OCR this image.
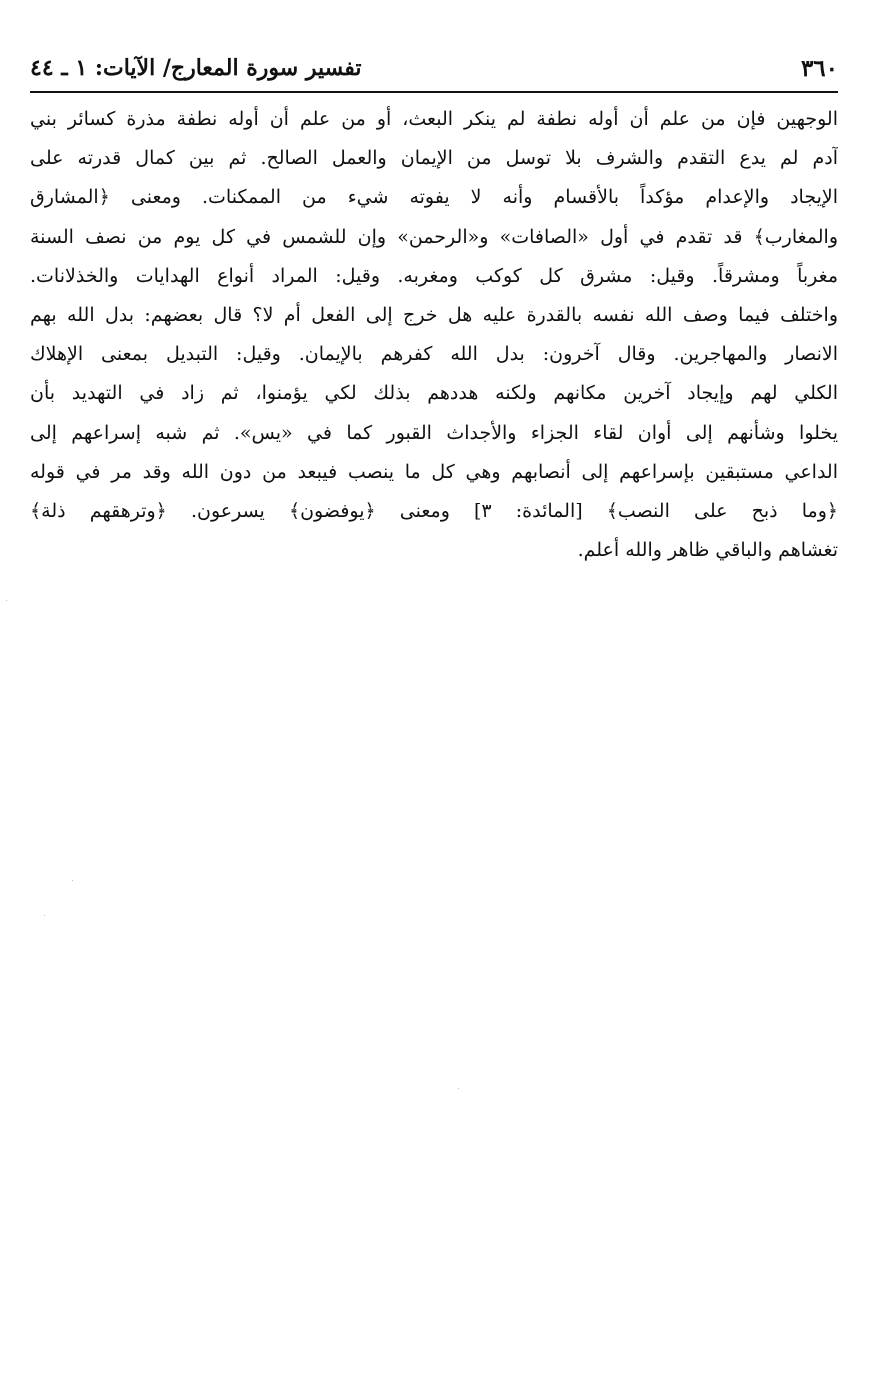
٣٦٠
تفسير سورة المعارج/ الآيات: ١ ـ ٤٤
الوجهين فإن من علم أن أوله نطفة لم ينكر البعث، أو من علم أن أوله نطفة مذرة كسائر بني
آدم لم يدع التقدم والشرف بلا توسل من الإيمان والعمل الصالح. ثم بين كمال قدرته على
الإيجاد والإعدام مؤكداً بالأقسام وأنه لا يفوته شيء من الممكنات. ومعنى ﴿المشارق
والمغارب﴾ قد تقدم في أول «الصافات» و«الرحمن» وإن للشمس في كل يوم من نصف السنة
مغرباً ومشرقاً. وقيل: مشرق كل كوكب ومغربه. وقيل: المراد أنواع الهدايات والخذلانات.
واختلف فيما وصف الله نفسه بالقدرة عليه هل خرج إلى الفعل أم لا؟ قال بعضهم: بدل الله بهم
الانصار والمهاجرين. وقال آخرون: بدل الله كفرهم بالإيمان. وقيل: التبديل بمعنى الإهلاك
الكلي لهم وإيجاد آخرين مكانهم ولكنه هددهم بذلك لكي يؤمنوا، ثم زاد في التهديد بأن
يخلوا وشأنهم إلى أوان لقاء الجزاء والأجداث القبور كما في «يس». ثم شبه إسراعهم إلى
الداعي مستبقين بإسراعهم إلى أنصابهم وهي كل ما ينصب فيبعد من دون الله وقد مر في قوله
﴿وما ذبح على النصب﴾ [المائدة: ٣] ومعنى ﴿يوفضون﴾ يسرعون. ﴿وترهقهم ذلة﴾
تغشاهم والباقي ظاهر والله أعلم.
